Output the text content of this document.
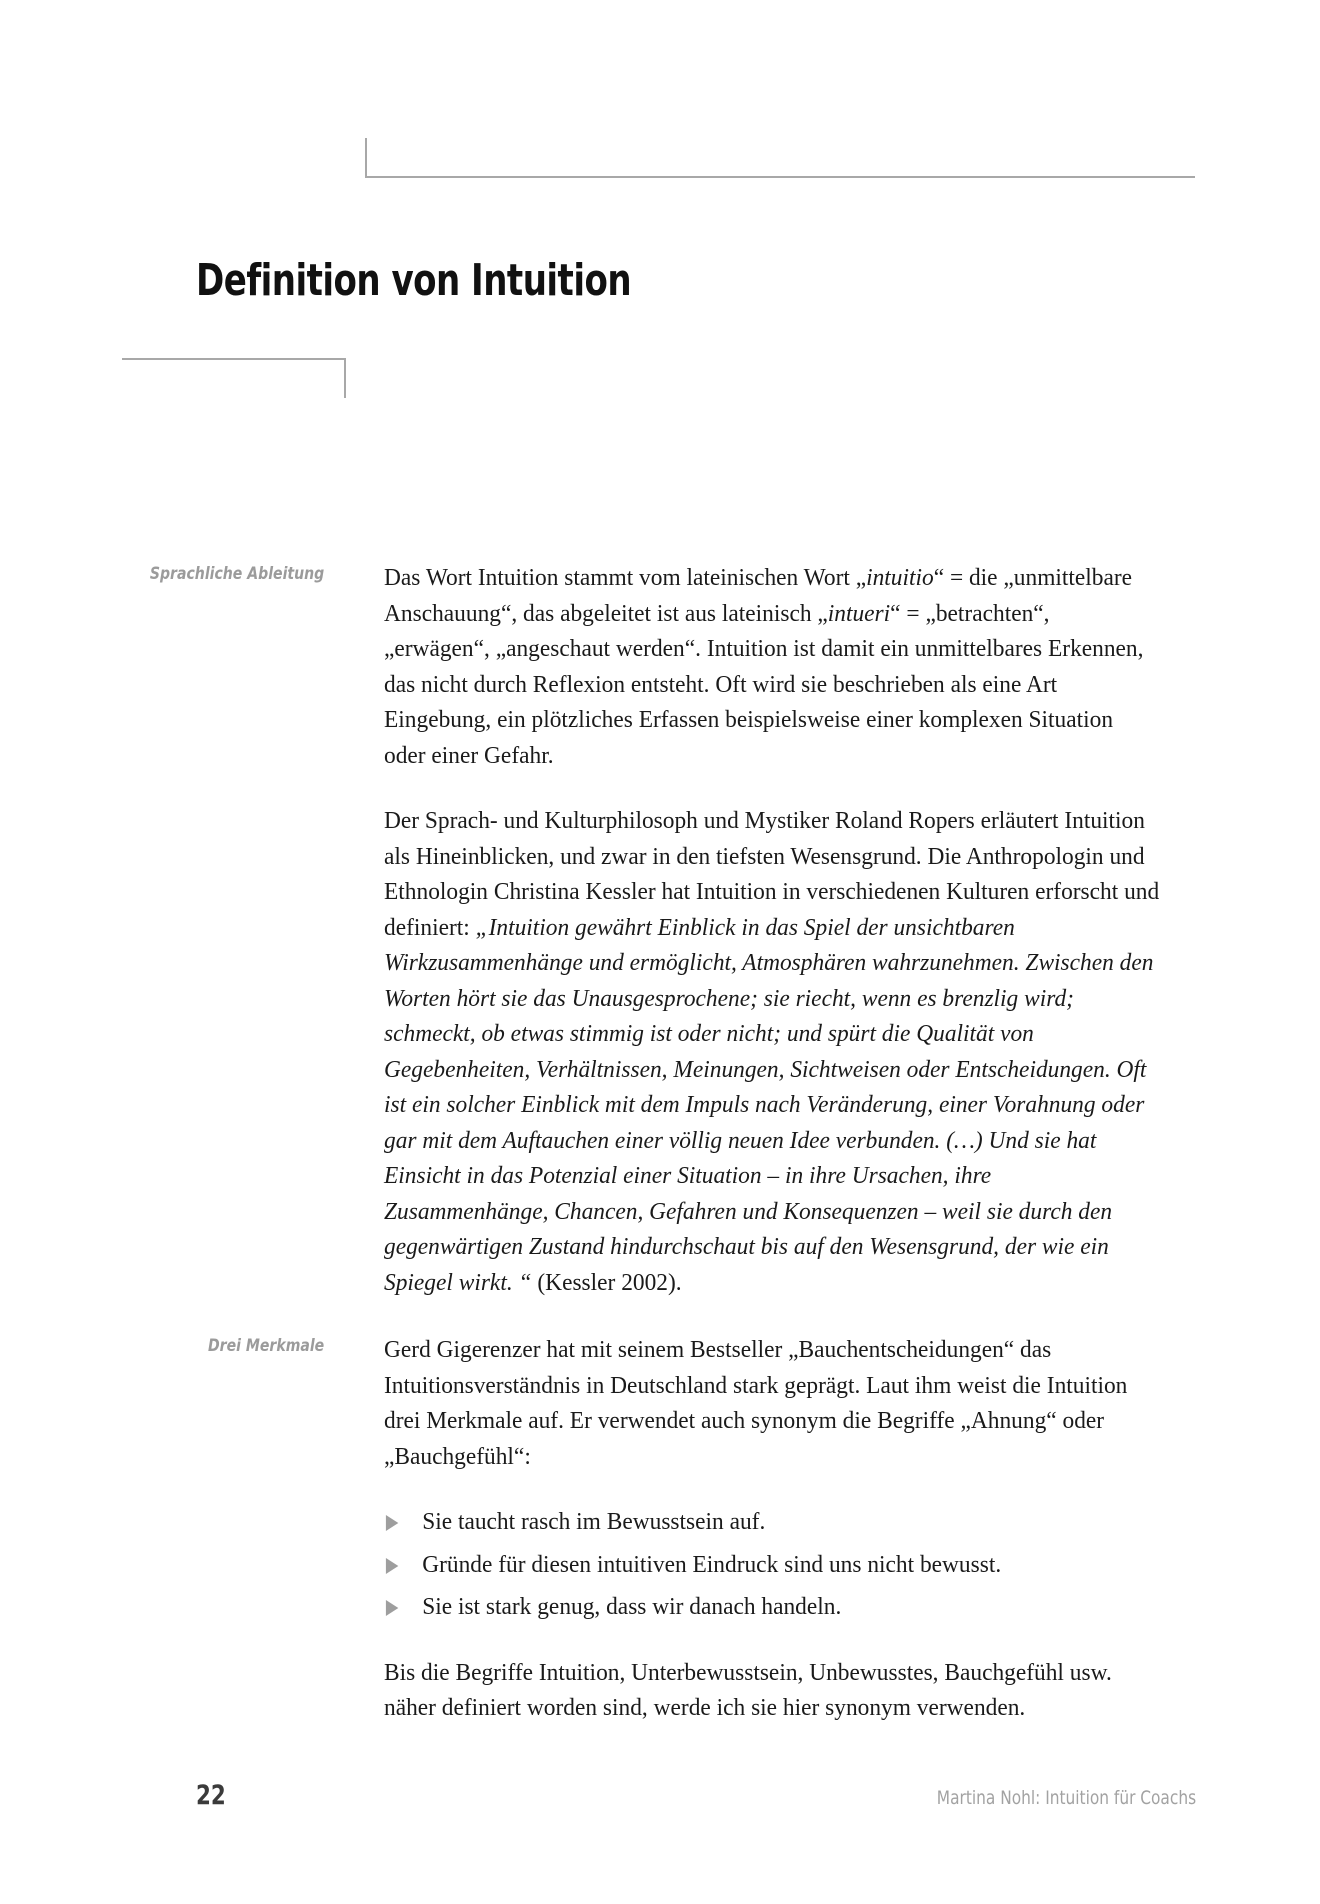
Definition von Intuition
Sprachliche Ableitung	Das Wort Intuition stammt vom lateinischen Wort „intuitio“ = die „unmittelbare Anschauung“, das abgeleitet ist aus lateinisch „intueri“ = „betrachten“, „erwägen“, „angeschaut werden“. Intuition ist damit ein unmittelbares Erkennen, das nicht durch Reflexion entsteht. Oft wird sie beschrieben als eine Art Eingebung, ein plötzliches Erfassen beispielsweise einer komplexen Situation oder einer Gefahr.

Der Sprach- und Kulturphilosoph und Mystiker Roland Ropers erläutert Intuition als Hineinblicken, und zwar in den tiefsten Wesensgrund. Die Anthropologin und Ethnologin Christina Kessler hat Intuition in verschiedenen Kulturen erforscht und definiert: „Intuition gewährt Einblick in das Spiel der unsichtbaren Wirkzusammenhänge und ermöglicht, Atmosphären wahrzunehmen. Zwischen den Worten hört sie das Unausgesprochene; sie riecht, wenn es brenzlig wird; schmeckt, ob etwas stimmig ist oder nicht; und spürt die Qualität von Gegebenheiten, Verhältnissen, Meinungen, Sichtweisen oder Entscheidungen. Oft ist ein solcher Einblick mit dem Impuls nach Veränderung, einer Vorahnung oder gar mit dem Auftauchen einer völlig neuen Idee verbunden. (…) Und sie hat Einsicht in das Potenzial einer Situation – in ihre Ursachen, ihre Zusammenhänge, Chancen, Gefahren und Konsequenzen – weil sie durch den gegenwärtigen Zustand hindurchschaut bis auf den Wesensgrund, der wie ein Spiegel wirkt. “ (Kessler 2002).

Drei Merkmale	Gerd Gigerenzer hat mit seinem Bestseller „Bauchentscheidungen“ das Intuitionsverständnis in Deutschland stark geprägt. Laut ihm weist die Intuition drei Merkmale auf. Er verwendet auch synonym die Begriffe „Ahnung“ oder „Bauchgefühl“:

Sie taucht rasch im Bewusstsein auf.
Gründe für diesen intuitiven Eindruck sind uns nicht bewusst.
Sie ist stark genug, dass wir danach handeln.

Bis die Begriffe Intuition, Unterbewusstsein, Unbewusstes, Bauchgefühl usw. näher definiert worden sind, werde ich sie hier synonym verwenden.

22	Martina Nohl: Intuition für Coachs
